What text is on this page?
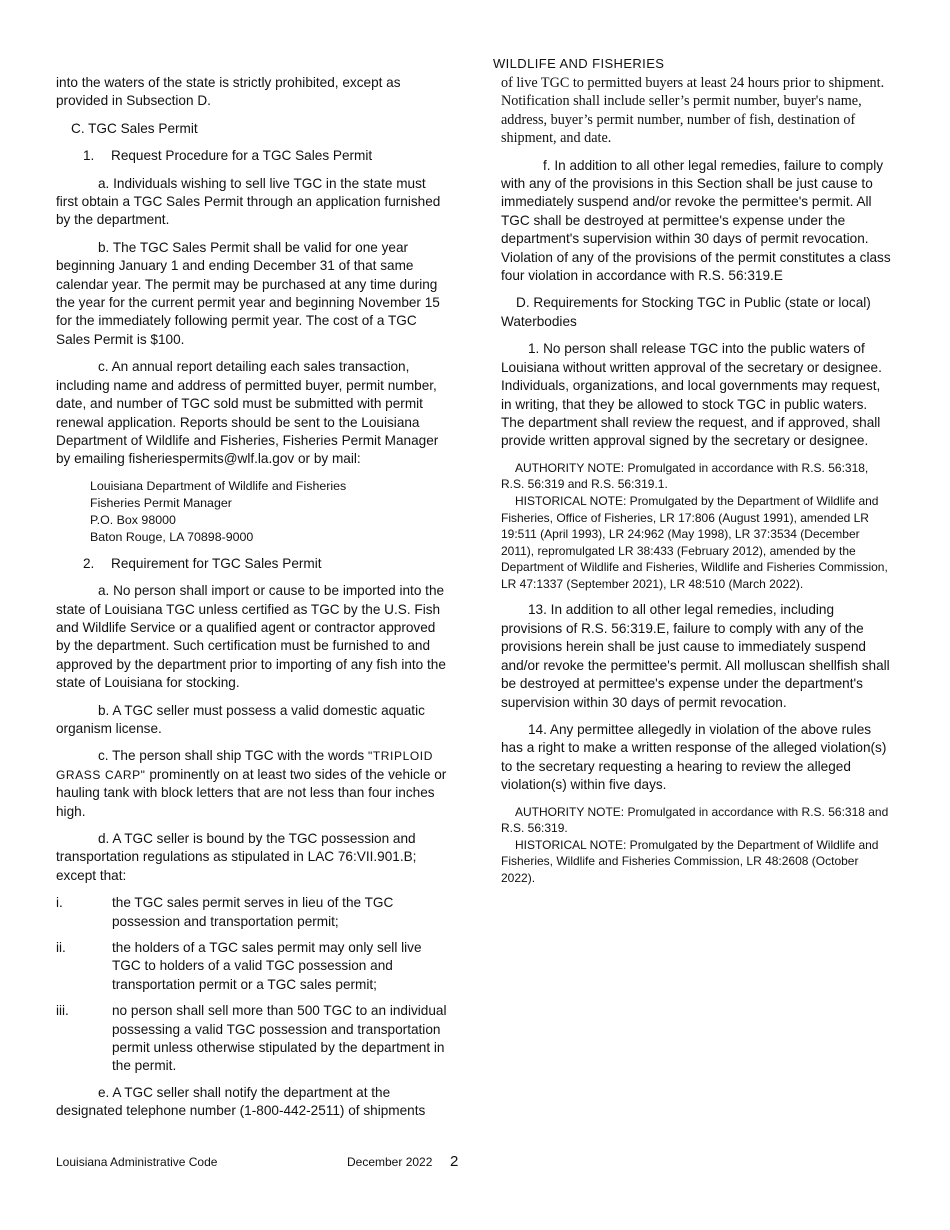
WILDLIFE AND FISHERIES

into the waters of the state is strictly prohibited, except as provided in Subsection D.

C. TGC Sales Permit

1. Request Procedure for a TGC Sales Permit

a. Individuals wishing to sell live TGC in the state must first obtain a TGC Sales Permit through an application furnished by the department.

b. The TGC Sales Permit shall be valid for one year beginning January 1 and ending December 31 of that same calendar year. The permit may be purchased at any time during the year for the current permit year and beginning November 15 for the immediately following permit year. The cost of a TGC Sales Permit is $100.

c. An annual report detailing each sales transaction, including name and address of permitted buyer, permit number, date, and number of TGC sold must be submitted with permit renewal application. Reports should be sent to the Louisiana Department of Wildlife and Fisheries, Fisheries Permit Manager by emailing fisheriespermits@wlf.la.gov or by mail:

Louisiana Department of Wildlife and Fisheries
Fisheries Permit Manager
P.O. Box 98000
Baton Rouge, LA 70898-9000

2. Requirement for TGC Sales Permit

a. No person shall import or cause to be imported into the state of Louisiana TGC unless certified as TGC by the U.S. Fish and Wildlife Service or a qualified agent or contractor approved by the department. Such certification must be furnished to and approved by the department prior to importing of any fish into the state of Louisiana for stocking.

b. A TGC seller must possess a valid domestic aquatic organism license.

c. The person shall ship TGC with the words "TRIPLOID GRASS CARP" prominently on at least two sides of the vehicle or hauling tank with block letters that are not less than four inches high.

d. A TGC seller is bound by the TGC possession and transportation regulations as stipulated in LAC 76:VII.901.B; except that:

i.	the TGC sales permit serves in lieu of the TGC possession and transportation permit;
ii.	the holders of a TGC sales permit may only sell live TGC to holders of a valid TGC possession and transportation permit or a TGC sales permit;
iii.	no person shall sell more than 500 TGC to an individual possessing a valid TGC possession and transportation permit unless otherwise stipulated by the department in the permit.

e. A TGC seller shall notify the department at the designated telephone number (1-800-442-2511) of shipments

of live TGC to permitted buyers at least 24 hours prior to shipment. Notification shall include seller’s permit number, buyer's name, address, buyer’s permit number, number of fish, destination of shipment, and date.

f. In addition to all other legal remedies, failure to comply with any of the provisions in this Section shall be just cause to immediately suspend and/or revoke the permittee's permit. All TGC shall be destroyed at permittee's expense under the department's supervision within 30 days of permit revocation. Violation of any of the provisions of the permit constitutes a class four violation in accordance with R.S. 56:319.E

D. Requirements for Stocking TGC in Public (state or local) Waterbodies

1. No person shall release TGC into the public waters of Louisiana without written approval of the secretary or designee. Individuals, organizations, and local governments may request, in writing, that they be allowed to stock TGC in public waters. The department shall review the request, and if approved, shall provide written approval signed by the secretary or designee.

AUTHORITY NOTE: Promulgated in accordance with R.S. 56:318, R.S. 56:319 and R.S. 56:319.1.

HISTORICAL NOTE: Promulgated by the Department of Wildlife and Fisheries, Office of Fisheries, LR 17:806 (August 1991), amended LR 19:511 (April 1993), LR 24:962 (May 1998), LR 37:3534 (December 2011), repromulgated LR 38:433 (February 2012), amended by the Department of Wildlife and Fisheries, Wildlife and Fisheries Commission, LR 47:1337 (September 2021), LR 48:510 (March 2022).

13. In addition to all other legal remedies, including provisions of R.S. 56:319.E, failure to comply with any of the provisions herein shall be just cause to immediately suspend and/or revoke the permittee's permit. All molluscan shellfish shall be destroyed at permittee's expense under the department's supervision within 30 days of permit revocation.

14. Any permittee allegedly in violation of the above rules has a right to make a written response of the alleged violation(s) to the secretary requesting a hearing to review the alleged violation(s) within five days.

AUTHORITY NOTE: Promulgated in accordance with R.S. 56:318 and R.S. 56:319.

HISTORICAL NOTE: Promulgated by the Department of Wildlife and Fisheries, Wildlife and Fisheries Commission, LR 48:2608 (October 2022).

Louisiana Administrative Code	December 2022 2
